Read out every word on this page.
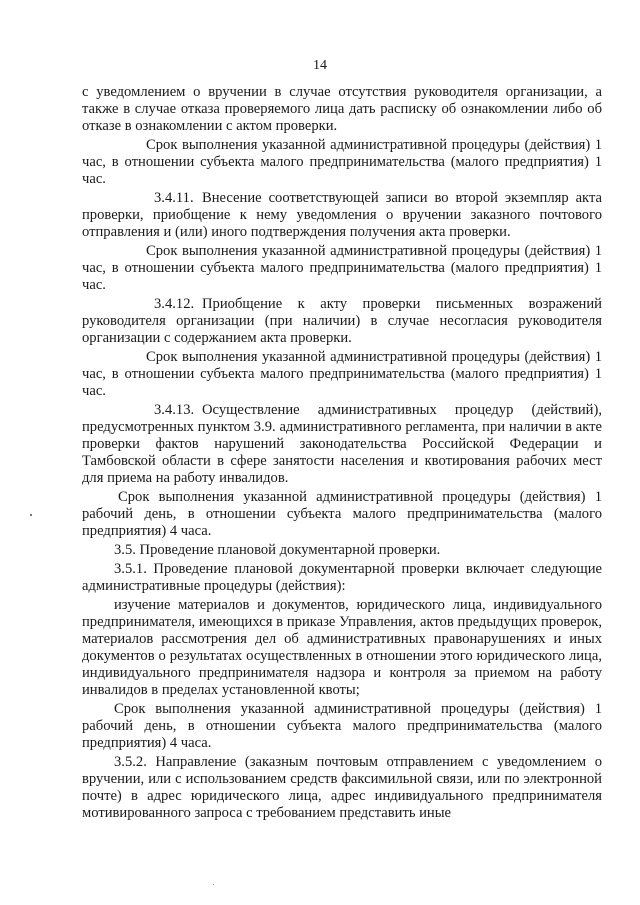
14

с уведомлением о вручении в случае отсутствия руководителя организации, а также в случае отказа проверяемого лица дать расписку об ознакомлении либо об отказе в ознакомлении с актом проверки.

Срок выполнения указанной административной процедуры (действия) 1 час, в отношении субъекта малого предпринимательства (малого предприятия) 1 час.

3.4.11. Внесение соответствующей записи во второй экземпляр акта проверки, приобщение к нему уведомления о вручении заказного почтового отправления и (или) иного подтверждения получения акта проверки.

Срок выполнения указанной административной процедуры (действия) 1 час, в отношении субъекта малого предпринимательства (малого предприятия) 1 час.

3.4.12. Приобщение к акту проверки письменных возражений руководителя организации (при наличии) в случае несогласия руководителя организации с содержанием акта проверки.

Срок выполнения указанной административной процедуры (действия) 1 час, в отношении субъекта малого предпринимательства (малого предприятия) 1 час.

3.4.13. Осуществление административных процедур (действий), предусмотренных пунктом 3.9. административного регламента, при наличии в акте проверки фактов нарушений законодательства Российской Федерации и Тамбовской области в сфере занятости населения и квотирования рабочих мест для приема на работу инвалидов.

Срок выполнения указанной административной процедуры (действия) 1 рабочий день, в отношении субъекта малого предпринимательства (малого предприятия) 4 часа.

3.5. Проведение плановой документарной проверки.

3.5.1. Проведение плановой документарной проверки включает следующие административные процедуры (действия):

изучение материалов и документов, юридического лица, индивидуального предпринимателя, имеющихся в приказе Управления, актов предыдущих проверок, материалов рассмотрения дел об административных правонарушениях и иных документов о результатах осуществленных в отношении этого юридического лица, индивидуального предпринимателя надзора и контроля за приемом на работу инвалидов в пределах установленной квоты;

Срок выполнения указанной административной процедуры (действия) 1 рабочий день, в отношении субъекта малого предпринимательства (малого предприятия) 4 часа.

3.5.2. Направление (заказным почтовым отправлением с уведомлением о вручении, или с использованием средств факсимильной связи, или по электронной почте) в адрес юридического лица, адрес индивидуального предпринимателя мотивированного запроса с требованием представить иные
